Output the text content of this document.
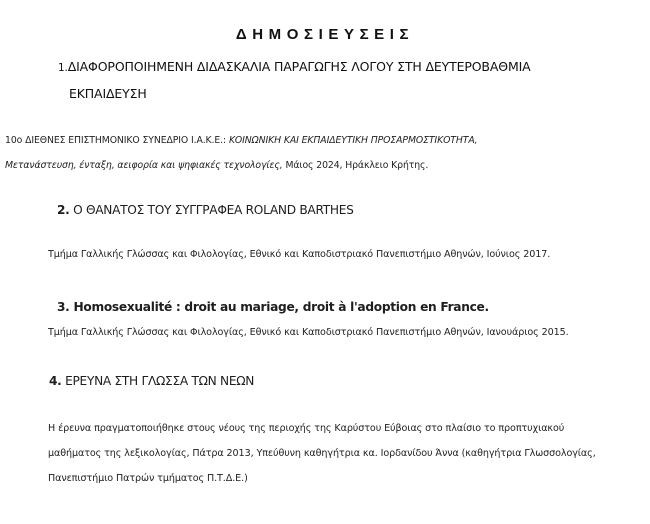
ΔΗΜΟΣΙΕΥΣΕΙΣ
1.ΔΙΑΦΟΡΟΠΟΙΗΜΕΝΗ ΔΙΔΑΣΚΑΛΙΑ ΠΑΡΑΓΩΓΗΣ ΛΟΓΟΥ ΣΤΗ ΔΕΥΤΕΡΟΒΑΘΜΙΑ
ΕΚΠΑΙΔΕΥΣΗ
10ο ΔΙΕΘΝΕΣ ΕΠΙΣΤΗΜΟΝΙΚΟ ΣΥΝΕΔΡΙΟ Ι.Α.Κ.Ε.: ΚΟΙΝΩΝΙΚΗ ΚΑΙ ΕΚΠΑΙΔΕΥΤΙΚΗ ΠΡΟΣΑΡΜΟΣΤΙΚΟΤΗΤΑ,
Μετανάστευση, ένταξη, αειφορία και ψηφιακές τεχνολογίες, Μάιος 2024, Ηράκλειο Κρήτης.
2. Ο ΘΑΝΑΤΟΣ ΤΟΥ ΣΥΓΓΡΑΦΕΑ ROLAND BARTHES
Τμήμα Γαλλικής Γλώσσας και Φιλολογίας, Εθνικό και Καποδιστριακό Πανεπιστήμιο Αθηνών, Ιούνιος 2017.
3. Homosexualité : droit au mariage, droit à l'adoption en France.
Τμήμα Γαλλικής Γλώσσας και Φιλολογίας, Εθνικό και Καποδιστριακό Πανεπιστήμιο Αθηνών, Ιανουάριος 2015.
4. ΕΡΕΥΝΑ ΣΤΗ ΓΛΩΣΣΑ ΤΩΝ ΝΕΩΝ
Η έρευνα πραγματοποιήθηκε στους νέους της περιοχής της Καρύστου Εύβοιας στο πλαίσιο το προπτυχιακού
μαθήματος της λεξικολογίας, Πάτρα 2013, Υπεύθυνη καθηγήτρια κα. Ιορδανίδου Άννα (καθηγήτρια Γλωσσολογίας,
Πανεπιστήμιο Πατρών τμήματος Π.Τ.Δ.Ε.)
